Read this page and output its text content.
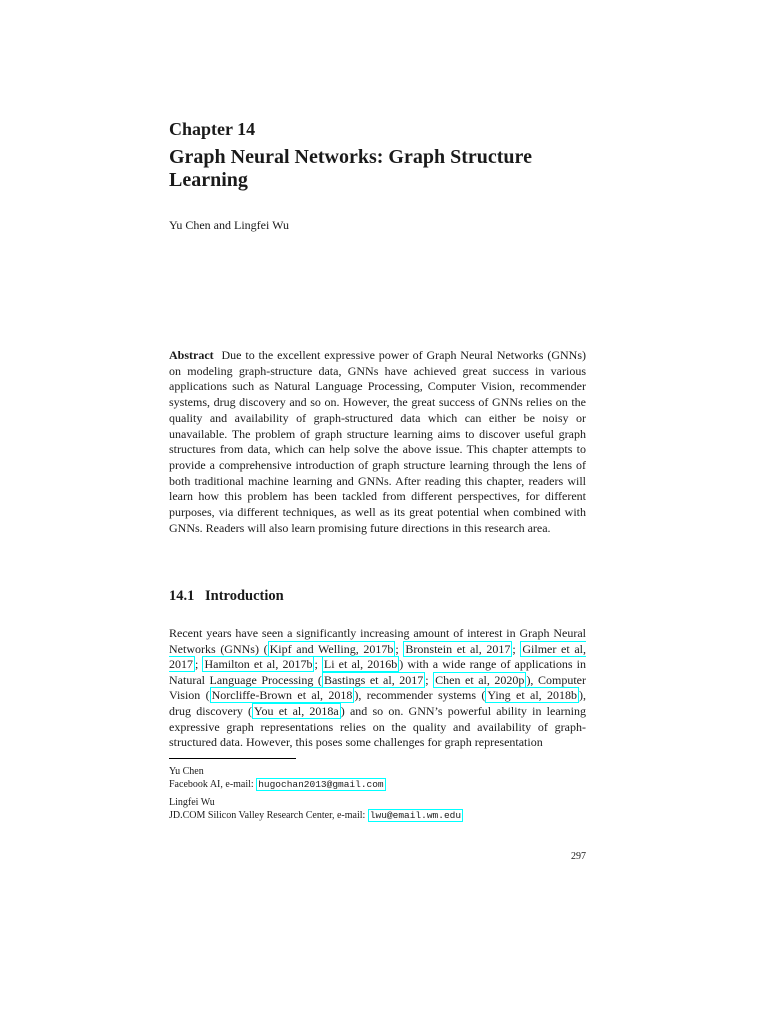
Chapter 14

Graph Neural Networks: Graph Structure
Learning

Yu Chen and Lingfei Wu

Abstract Due to the excellent expressive power of Graph Neural Networks (GNNs) on modeling graph-structure data, GNNs have achieved great success in various applications such as Natural Language Processing, Computer Vision, recommender systems, drug discovery and so on. However, the great success of GNNs relies on the quality and availability of graph-structured data which can either be noisy or unavailable. The problem of graph structure learning aims to discover useful graph structures from data, which can help solve the above issue. This chapter attempts to provide a comprehensive introduction of graph structure learning through the lens of both traditional machine learning and GNNs. After reading this chapter, readers will learn how this problem has been tackled from different perspectives, for different purposes, via different techniques, as well as its great potential when combined with GNNs. Readers will also learn promising future directions in this research area.

14.1 Introduction

Recent years have seen a significantly increasing amount of interest in Graph Neural Networks (GNNs) ( Kipf and Welling, 2017b ; Bronstein et al, 2017 ; Gilmer et al, 2017 ; Hamilton et al, 2017b ; Li et al, 2016b ) with a wide range of applications in Natural Language Processing ( Bastings et al, 2017 ; Chen et al, 2020p ), Computer Vision ( Norcliffe-Brown et al, 2018 ), recommender systems ( Ying et al, 2018b ), drug discovery ( You et al, 2018a ) and so on. GNN’s powerful ability in learning expressive graph representations relies on the quality and availability of graph-structured data. However, this poses some challenges for graph representation

Yu Chen
Facebook AI, e-mail: hugochan2013@gmail.com

Lingfei Wu
JD.COM Silicon Valley Research Center, e-mail: lwu@email.wm.edu

297
